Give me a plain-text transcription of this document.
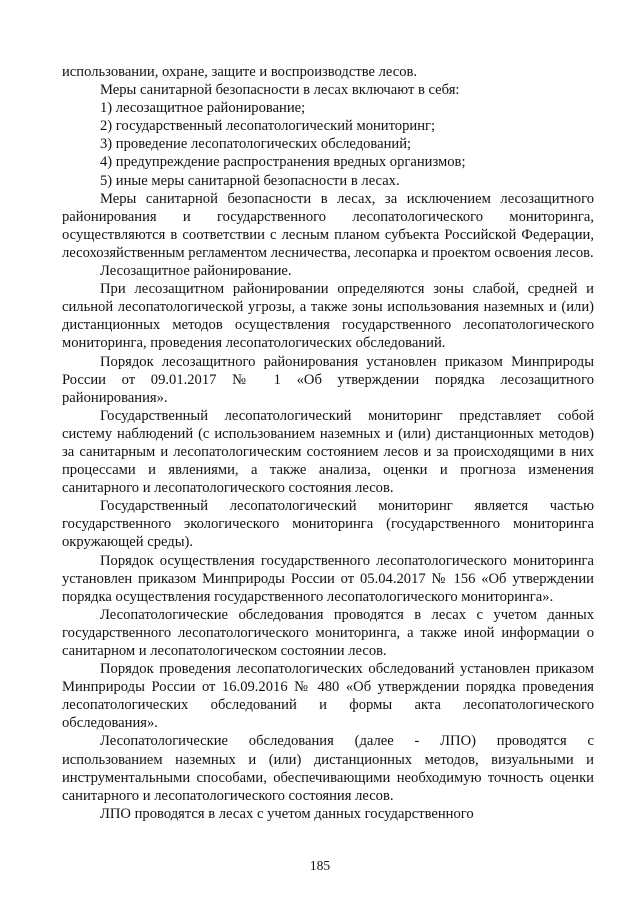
использовании, охране, защите и воспроизводстве лесов.

Меры санитарной безопасности в лесах включают в себя:

1) лесозащитное районирование;

2) государственный лесопатологический мониторинг;

3) проведение лесопатологических обследований;

4) предупреждение распространения вредных организмов;

5) иные меры санитарной безопасности в лесах.

Меры санитарной безопасности в лесах, за исключением лесозащитного районирования и государственного лесопатологического мониторинга, осуществляются в соответствии с лесным планом субъекта Российской Федерации, лесохозяйственным регламентом лесничества, лесопарка и проектом освоения лесов.

Лесозащитное районирование.

При лесозащитном районировании определяются зоны слабой, средней и сильной лесопатологической угрозы, а также зоны использования наземных и (или) дистанционных методов осуществления государственного лесопатологического мониторинга, проведения лесопатологических обследований.

Порядок лесозащитного районирования установлен приказом Минприроды России от 09.01.2017 № 1 «Об утверждении порядка лесозащитного районирования».

Государственный лесопатологический мониторинг представляет собой систему наблюдений (с использованием наземных и (или) дистанционных методов) за санитарным и лесопатологическим состоянием лесов и за происходящими в них процессами и явлениями, а также анализа, оценки и прогноза изменения санитарного и лесопатологического состояния лесов.

Государственный лесопатологический мониторинг является частью государственного экологического мониторинга (государственного мониторинга окружающей среды).

Порядок осуществления государственного лесопатологического мониторинга установлен приказом Минприроды России от 05.04.2017 № 156 «Об утверждении порядка осуществления государственного лесопатологического мониторинга».

Лесопатологические обследования проводятся в лесах с учетом данных государственного лесопатологического мониторинга, а также иной информации о санитарном и лесопатологическом состоянии лесов.

Порядок проведения лесопатологических обследований установлен приказом Минприроды России от 16.09.2016 № 480 «Об утверждении порядка проведения лесопатологических обследований и формы акта лесопатологического обследования».

Лесопатологические обследования (далее - ЛПО) проводятся с использованием наземных и (или) дистанционных методов, визуальными и инструментальными способами, обеспечивающими необходимую точность оценки санитарного и лесопатологического состояния лесов.

ЛПО проводятся в лесах с учетом данных государственного

185
